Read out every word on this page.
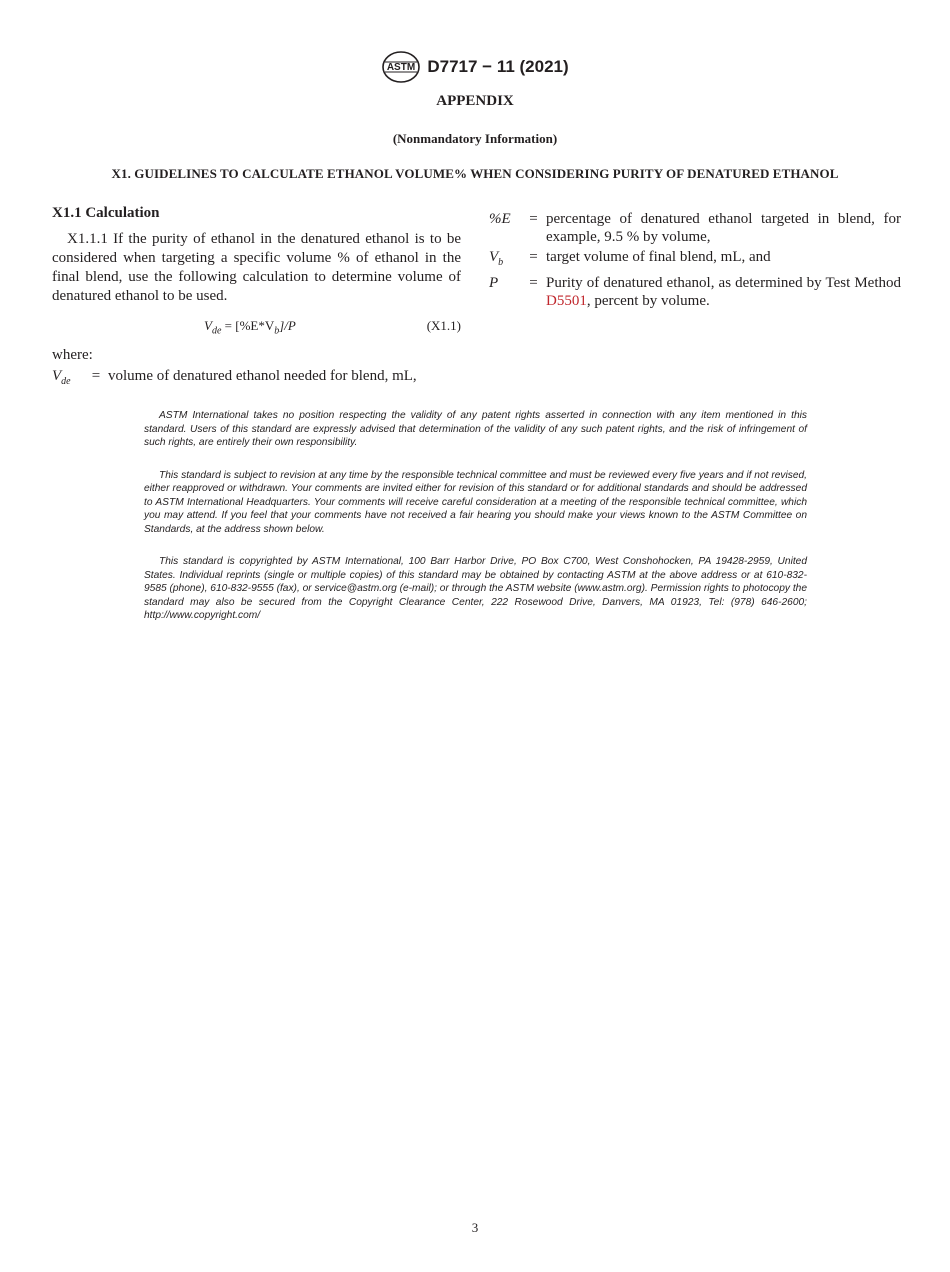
ASTM D7717 − 11 (2021)
APPENDIX
(Nonmandatory Information)
X1. GUIDELINES TO CALCULATE ETHANOL VOLUME% WHEN CONSIDERING PURITY OF DENATURED ETHANOL
X1.1 Calculation

X1.1.1 If the purity of ethanol in the denatured ethanol is to be considered when targeting a specific volume % of ethanol in the final blend, use the following calculation to determine volume of denatured ethanol to be used.

$V_{de} = [\%E*V_b]/P$	(X1.1)
where:
$V_{de}$	= volume of denatured ethanol needed for blend, mL,
%E	= percentage of denatured ethanol targeted in blend, for example, 9.5 % by volume,
$V_b$	= target volume of final blend, mL, and
P	= Purity of denatured ethanol, as determined by Test Method D5501, percent by volume.

ASTM International takes no position respecting the validity of any patent rights asserted in connection with any item mentioned in this standard. Users of this standard are expressly advised that determination of the validity of any such patent rights, and the risk of infringement of such rights, are entirely their own responsibility.

This standard is subject to revision at any time by the responsible technical committee and must be reviewed every five years and if not revised, either reapproved or withdrawn. Your comments are invited either for revision of this standard or for additional standards and should be addressed to ASTM International Headquarters. Your comments will receive careful consideration at a meeting of the responsible technical committee, which you may attend. If you feel that your comments have not received a fair hearing you should make your views known to the ASTM Committee on Standards, at the address shown below.

This standard is copyrighted by ASTM International, 100 Barr Harbor Drive, PO Box C700, West Conshohocken, PA 19428-2959, United States. Individual reprints (single or multiple copies) of this standard may be obtained by contacting ASTM at the above address or at 610-832-9585 (phone), 610-832-9555 (fax), or service@astm.org (e-mail); or through the ASTM website (www.astm.org). Permission rights to photocopy the standard may also be secured from the Copyright Clearance Center, 222 Rosewood Drive, Danvers, MA 01923, Tel: (978) 646-2600; http://www.copyright.com/

3
